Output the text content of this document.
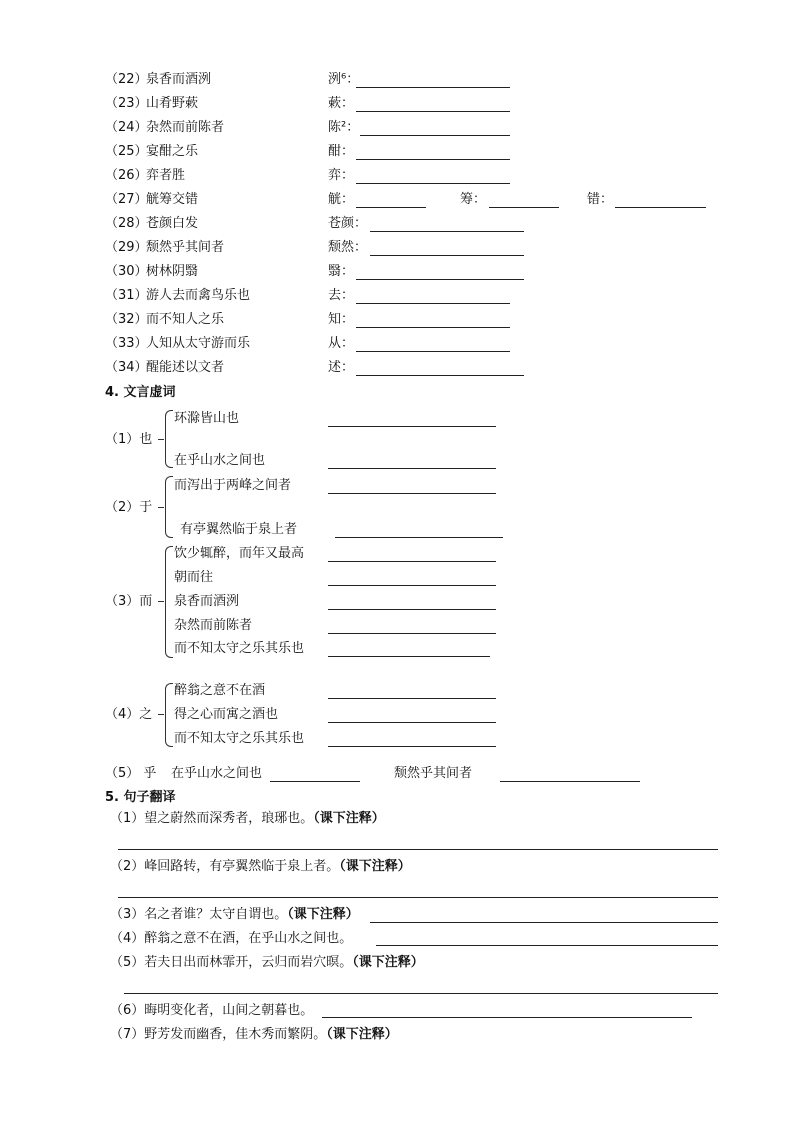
（22）
泉香而酒洌	洌⁶：
（23）
山肴野蔌	蔌：
（24）
杂然而前陈者	陈²：
（25）
宴酣之乐	酣：
（26）
弈者胜	弈：
（27）
觥筹交错	觥：	筹：	错：
（28）
苍颜白发	苍颜：
（29）
颓然乎其间者	颓然：
（30）
树林阴翳	翳：
（31）
游人去而禽鸟乐也	去：
（32）
而不知人之乐	知：
（33）
人知从太守游而乐	从：
（34）
醒能述以文者	述：
4. 文言虚词
（1）也
环滁皆山也
在乎山水之间也
（2）于
而泻出于两峰之间者
有亭翼然临于泉上者
（3）而
饮少辄醉，而年又最高
朝而往
泉香而酒洌
杂然而前陈者
而不知太守之乐其乐也
（4）之
醉翁之意不在酒
得之心而寓之酒也
而不知太守之乐其乐也
（5） 乎 在乎山水之间也	颓然乎其间者
5. 句子翻译
（1）望之蔚然而深秀者，琅琊也。（课下注释）
（2）峰回路转，有亭翼然临于泉上者。（课下注释）
（3）名之者谁？太守自谓也。（课下注释）
（4）醉翁之意不在酒，在乎山水之间也。
（5）若夫日出而林霏开，云归而岩穴暝。（课下注释）
（6）晦明变化者，山间之朝暮也。
（7）野芳发而幽香，佳木秀而繁阴。（课下注释）
